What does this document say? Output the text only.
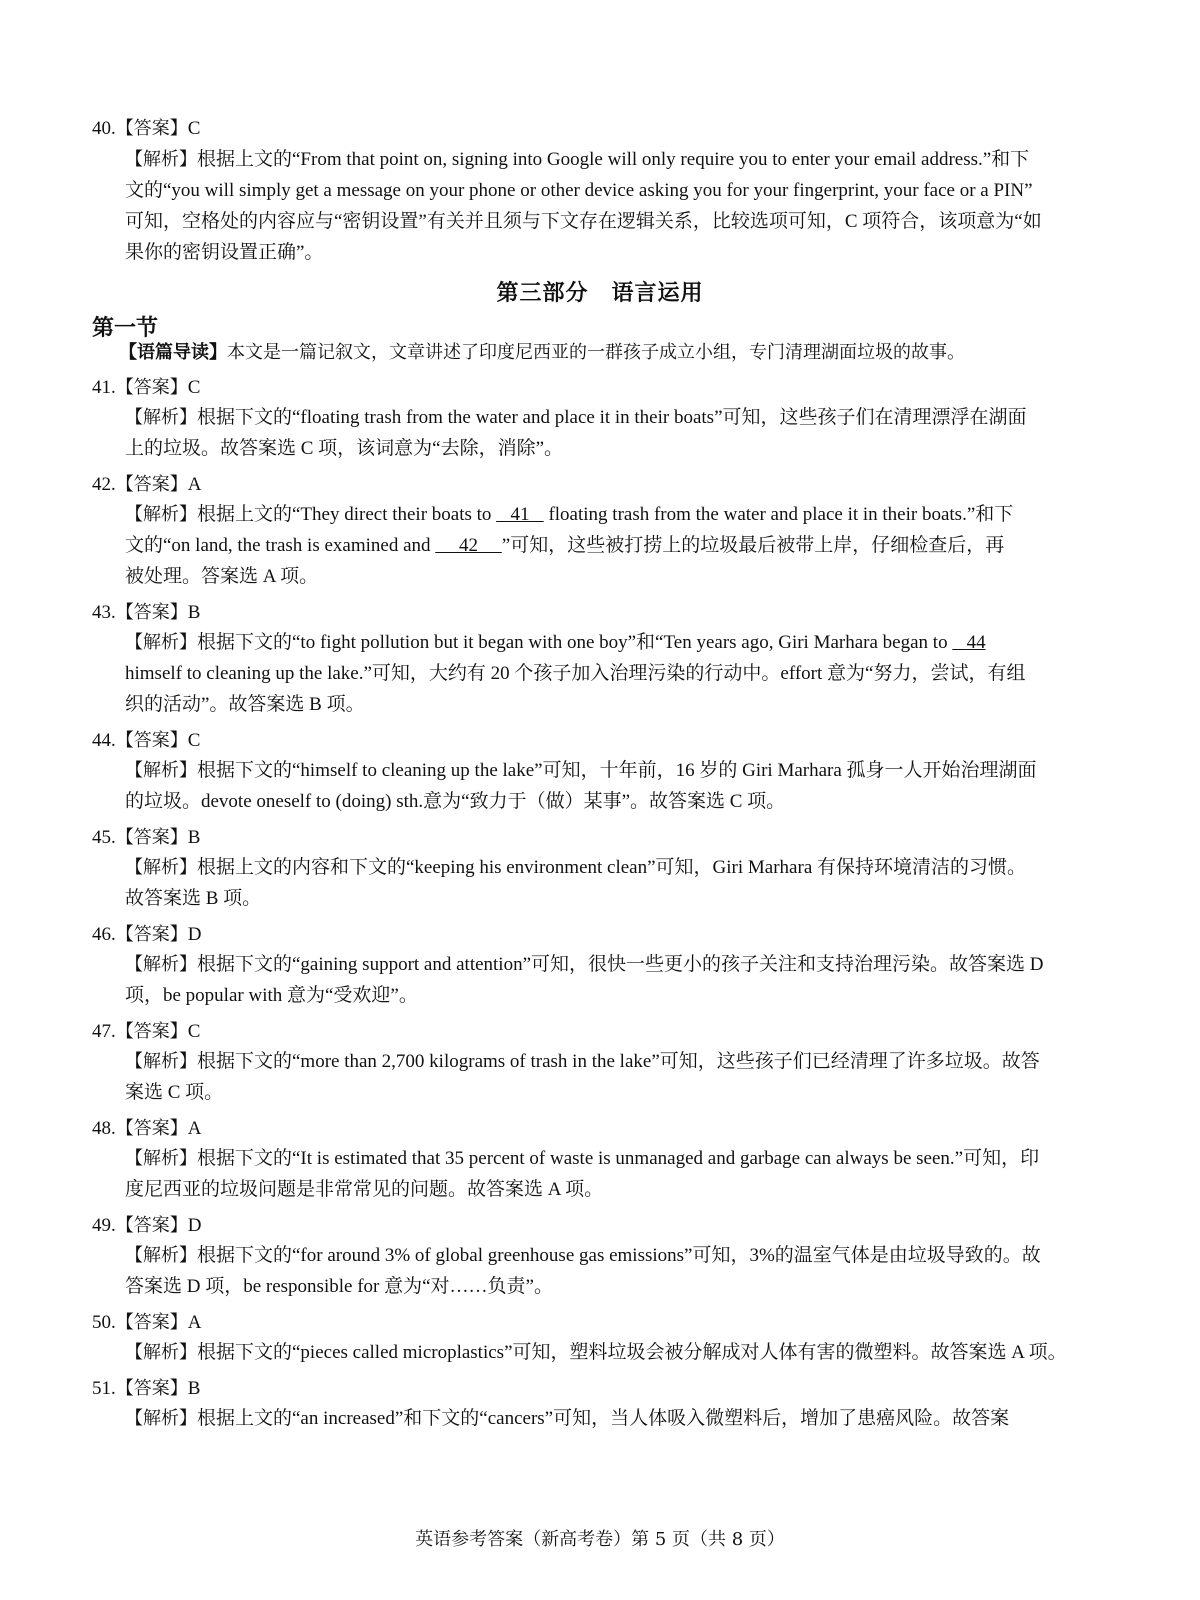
40.【答案】C
【解析】根据上文的“From that point on, signing into Google will only require you to enter your email address.”和下
文的“you will simply get a message on your phone or other device asking you for your fingerprint, your face or a PIN”
可知，空格处的内容应与“密钥设置”有关并且须与下文存在逻辑关系，比较选项可知，C 项符合，该项意为“如
果你的密钥设置正确”。
第三部分　语言运用
第一节
【语篇导读】本文是一篇记叙文，文章讲述了印度尼西亚的一群孩子成立小组，专门清理湖面垃圾的故事。
41.【答案】C
【解析】根据下文的“floating trash from the water and place it in their boats”可知，这些孩子们在清理漂浮在湖面
上的垃圾。故答案选 C 项，该词意为“去除，消除”。
42.【答案】A
【解析】根据上文的“They direct their boats to    41    floating trash from the water and place it in their boats.”和下
文的“on land, the trash is examined and      42 ”可知，这些被打捞上的垃圾最后被带上岸，仔细检查后，再
被处理。答案选 A 项。
43.【答案】B
【解析】根据下文的“to fight pollution but it began with one boy”和“Ten years ago, Giri Marhara began to    44
himself to cleaning up the lake.”可知，大约有 20 个孩子加入治理污染的行动中。effort 意为“努力，尝试，有组
织的活动”。故答案选 B 项。
44.【答案】C
【解析】根据下文的“himself to cleaning up the lake”可知，十年前，16 岁的 Giri Marhara 孤身一人开始治理湖面
的垃圾。devote oneself to (doing) sth.意为“致力于（做）某事”。故答案选 C 项。
45.【答案】B
【解析】根据上文的内容和下文的“keeping his environment clean”可知，Giri Marhara 有保持环境清洁的习惯。
故答案选 B 项。
46.【答案】D
【解析】根据下文的“gaining support and attention”可知，很快一些更小的孩子关注和支持治理污染。故答案选 D
项，be popular with 意为“受欢迎”。
47.【答案】C
【解析】根据下文的“more than 2,700 kilograms of trash in the lake”可知，这些孩子们已经清理了许多垃圾。故答
案选 C 项。
48.【答案】A
【解析】根据下文的“It is estimated that 35 percent of waste is unmanaged and garbage can always be seen.”可知，印
度尼西亚的垃圾问题是非常常见的问题。故答案选 A 项。
49.【答案】D
【解析】根据下文的“for around 3% of global greenhouse gas emissions”可知，3%的温室气体是由垃圾导致的。故
答案选 D 项，be responsible for 意为“对……负责”。
50.【答案】A
【解析】根据下文的“pieces called microplastics”可知，塑料垃圾会被分解成对人体有害的微塑料。故答案选 A 项。
51.【答案】B
【解析】根据上文的“an increased”和下文的“cancers”可知，当人体吸入微塑料后，增加了患癌风险。故答案
英语参考答案（新高考卷）第 5 页（共 8 页）
